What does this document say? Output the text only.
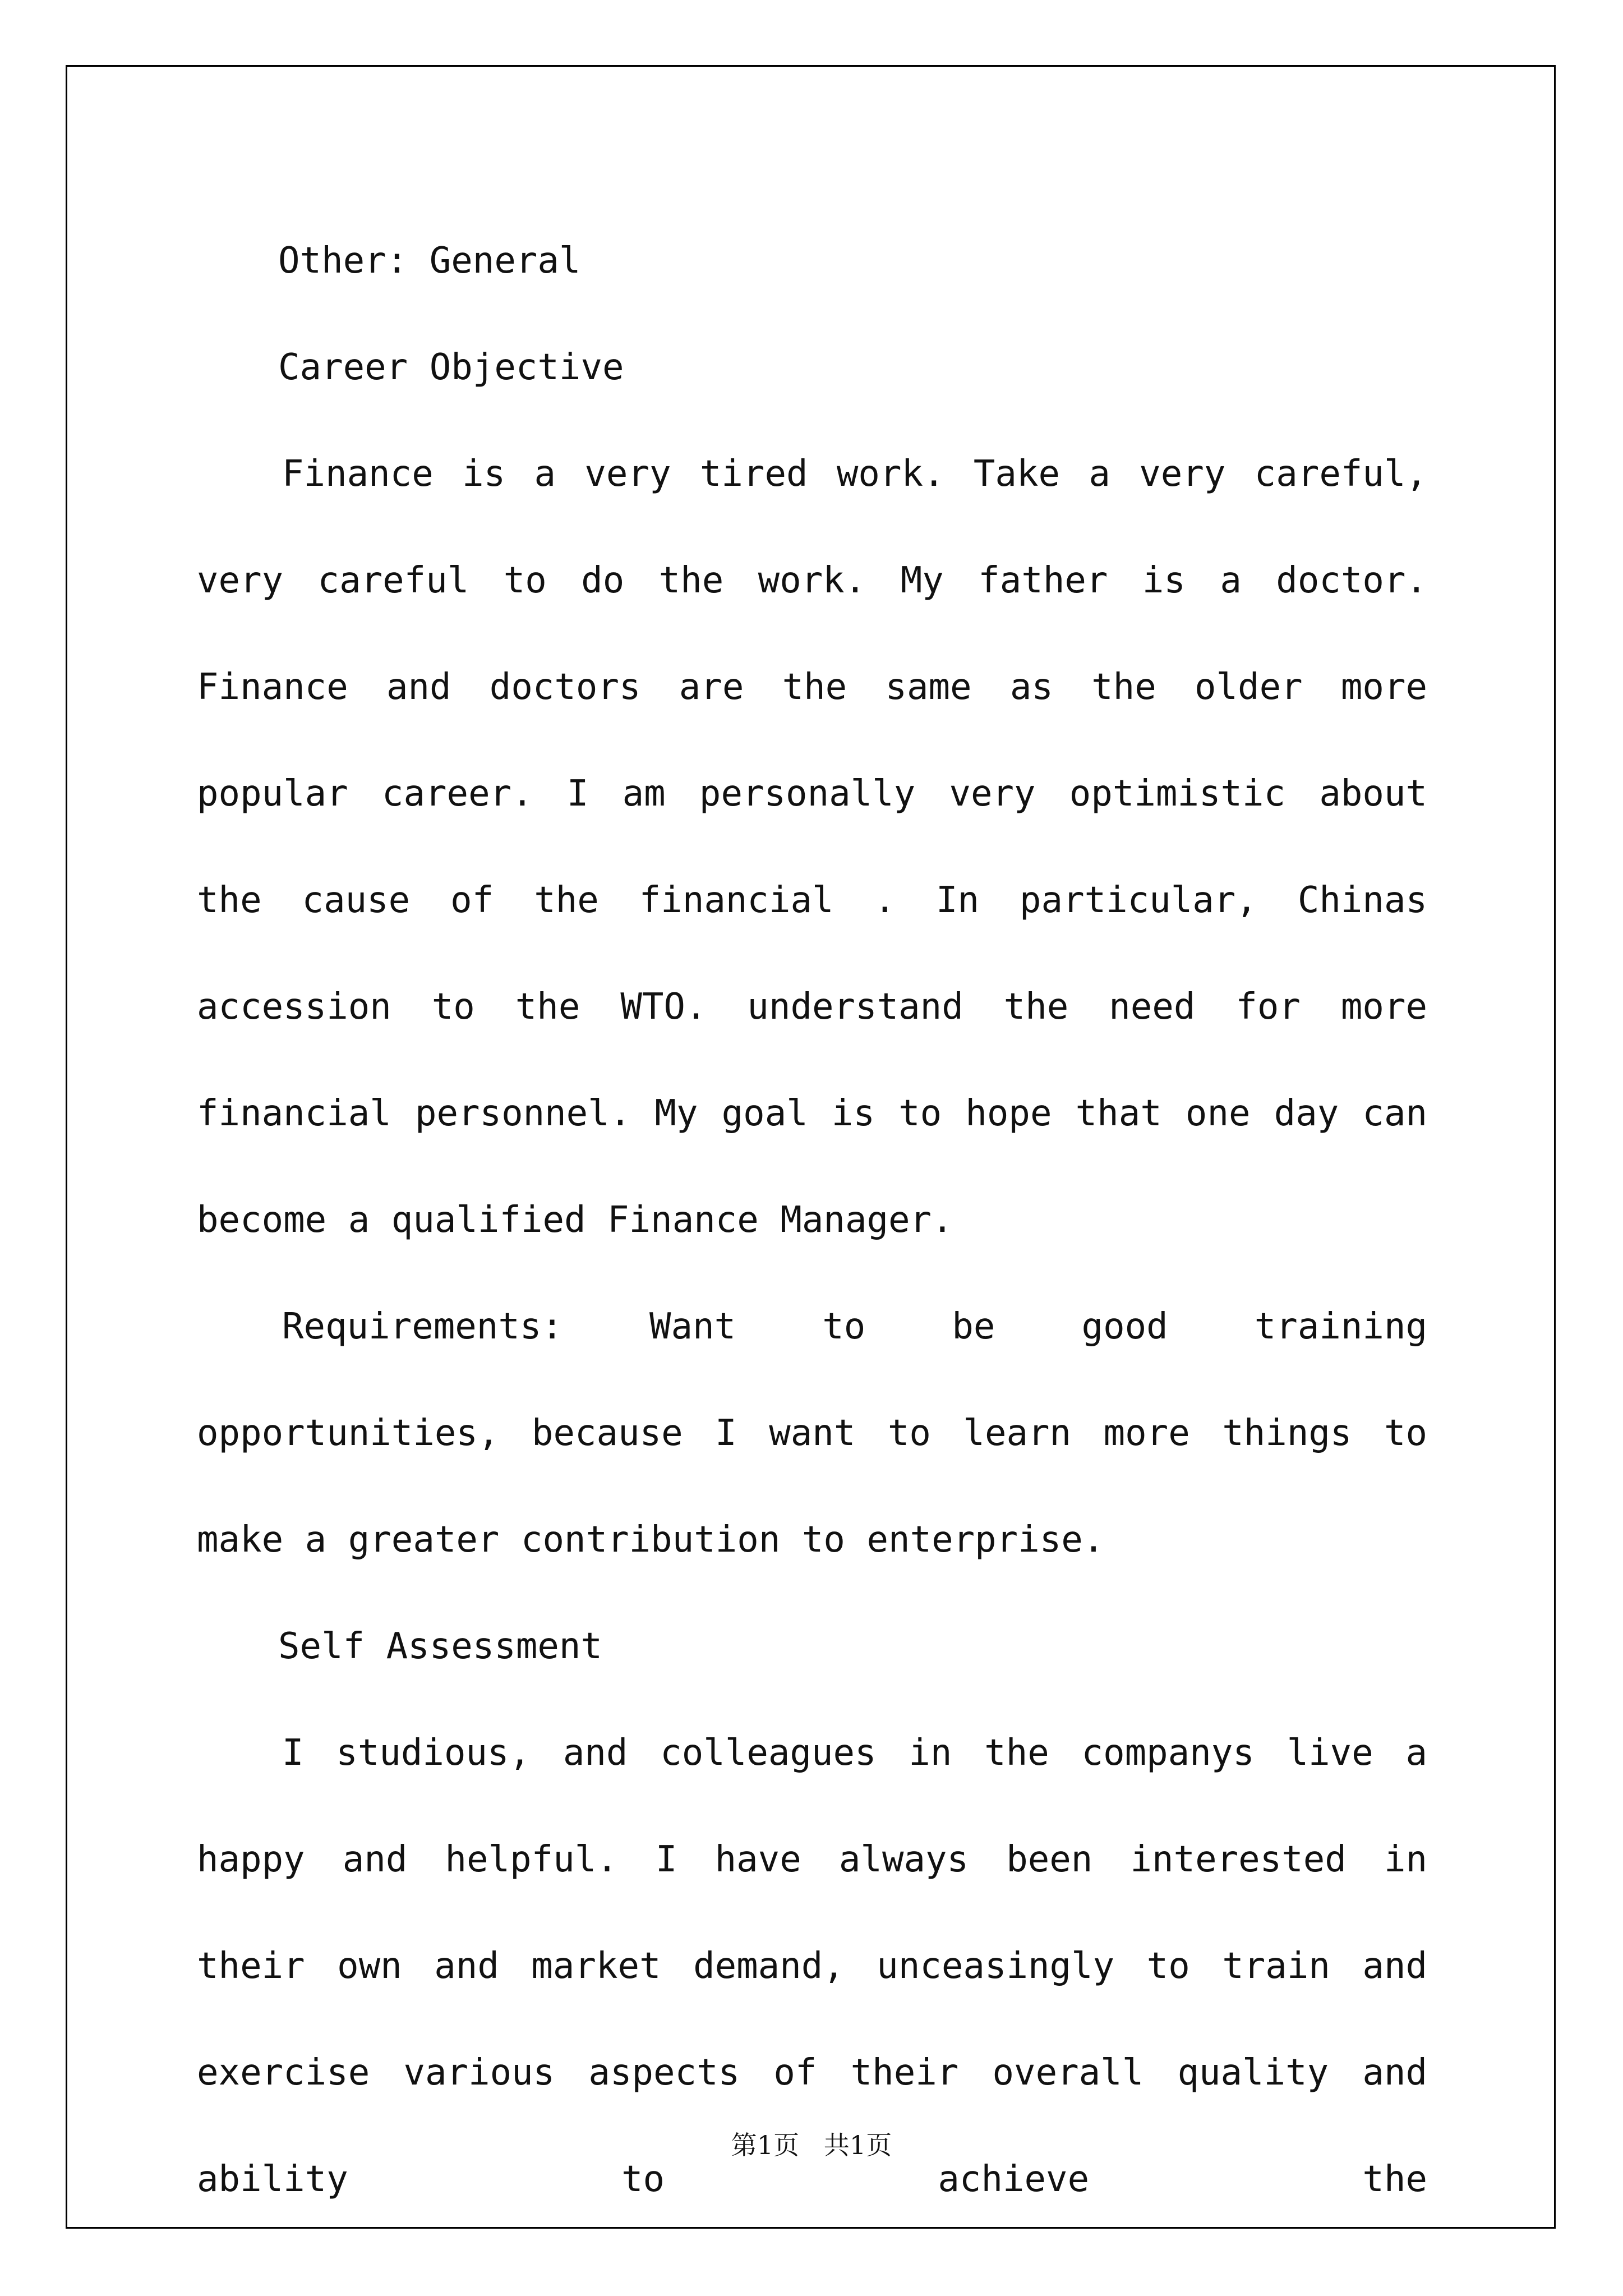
Other: General
Career Objective

Finance is a very tired work. Take a very careful, very careful to do the work. My father is a doctor. Finance and doctors are the same as the older more popular career. I am personally very optimistic about the cause of the financial . In particular, Chinas accession to the WTO. understand the need for more financial personnel. My goal is to hope that one day can become a qualified Finance Manager.

Requirements: Want to be good training opportunities, because I want to learn more things to make a greater contribution to enterprise.

Self Assessment

I studious, and colleagues in the companys live a happy and helpful. I have always been interested in their own and market demand, unceasingly to train and exercise various aspects of their overall quality and ability to achieve the

第1页   共1页
